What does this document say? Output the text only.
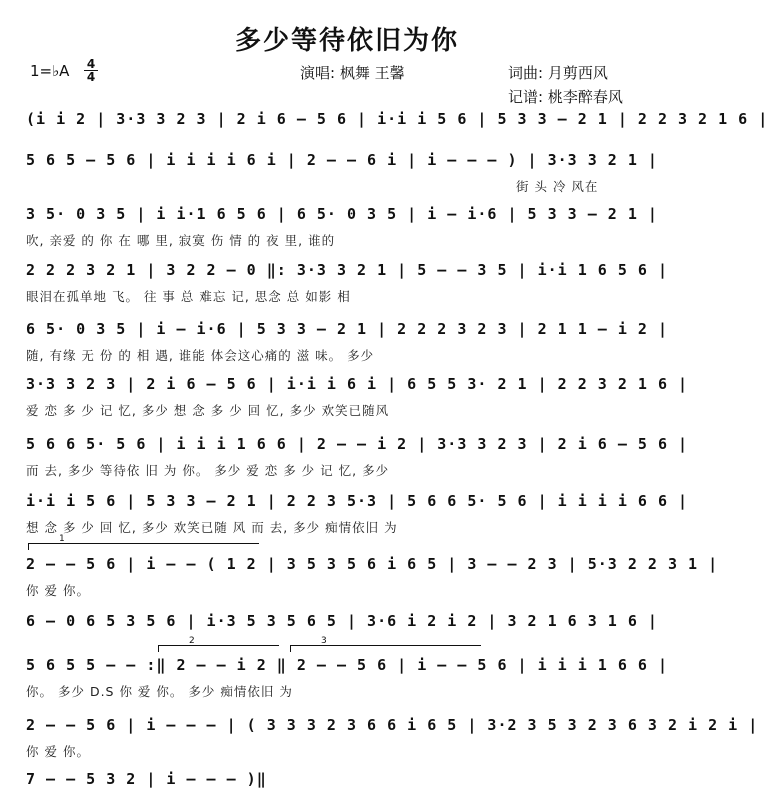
多少等待依旧为你
1=♭A 4
4	演唱: 枫舞 王馨	词曲: 月剪西风
记谱: 桃李醉春风
(i i 2 | 3·3 3 2 3 | 2 i 6 — 5 6 | i·i i 5 6 | 5 3 3 — 2 1 | 2 2 3 2 1 6 |
5 6 5 — 5 6 | i i i i 6 i | 2 — — 6 i | i — — — ) | 3·3 3 2 1 |
街 头 冷 风在
3 5· 0 3 5 | i i·1 6 5 6 | 6 5· 0 3 5 | i — i·6 | 5 3 3 — 2 1 |
吹, 亲爱 的 你 在 哪 里, 寂寞 伤 情 的 夜 里, 谁的
2 2 2 3 2 1 | 3 2 2 — 0 ‖: 3·3 3 2 1 | 5 — — 3 5 | i·i 1 6 5 6 |
眼泪在孤单地 飞。 往 事 总 难忘 记, 思念 总 如影 相
6 5· 0 3 5 | i — i·6 | 5 3 3 — 2 1 | 2 2 2 3 2 3 | 2 1 1 — i 2 |
随, 有缘 无 份 的 相 遇, 谁能 体会这心痛的 滋 味。 多少
3·3 3 2 3 | 2 i 6 — 5 6 | i·i i 6 i | 6 5 5 3· 2 1 | 2 2 3 2 1 6 |
爱 恋 多 少 记 忆, 多少 想 念 多 少 回 忆, 多少 欢笑已随风
5 6 6 5· 5 6 | i i i 1 6 6 | 2 — — i 2 | 3·3 3 2 3 | 2 i 6 — 5 6 |
而 去, 多少 等待依 旧 为 你。 多少 爱 恋 多 少 记 忆, 多少
i·i i 5 6 | 5 3 3 — 2 1 | 2 2 3 5·3 | 5 6 6 5· 5 6 | i i i i 6 6 |
想 念 多 少 回 忆, 多少 欢笑已随 风 而 去, 多少 痴情依旧 为
1
2 — — 5 6 | i — — ( 1 2 | 3 5 3 5 6 i 6 5 | 3 — — 2 3 | 5·3 2 2 3 1 |
你 爱 你。
6 — 0 6 5 3 5 6 | i·3 5 3 5 6 5 | 3·6 i 2 i 2 | 3 2 1 6 3 1 6 |
2	3
5 6 5 5 — — :‖ 2 — — i 2 ‖ 2 — — 5 6 | i — — 5 6 | i i i 1 6 6 |
你。 多少 D.S 你 爱 你。 多少 痴情依旧 为
2 — — 5 6 | i — — — | ( 3 3 3 2 3 6 6 i 6 5 | 3·2 3 5 3 2 3 6 3 2 i 2 i |
你 爱 你。
7 — — 5 3 2 | i — — — )‖
